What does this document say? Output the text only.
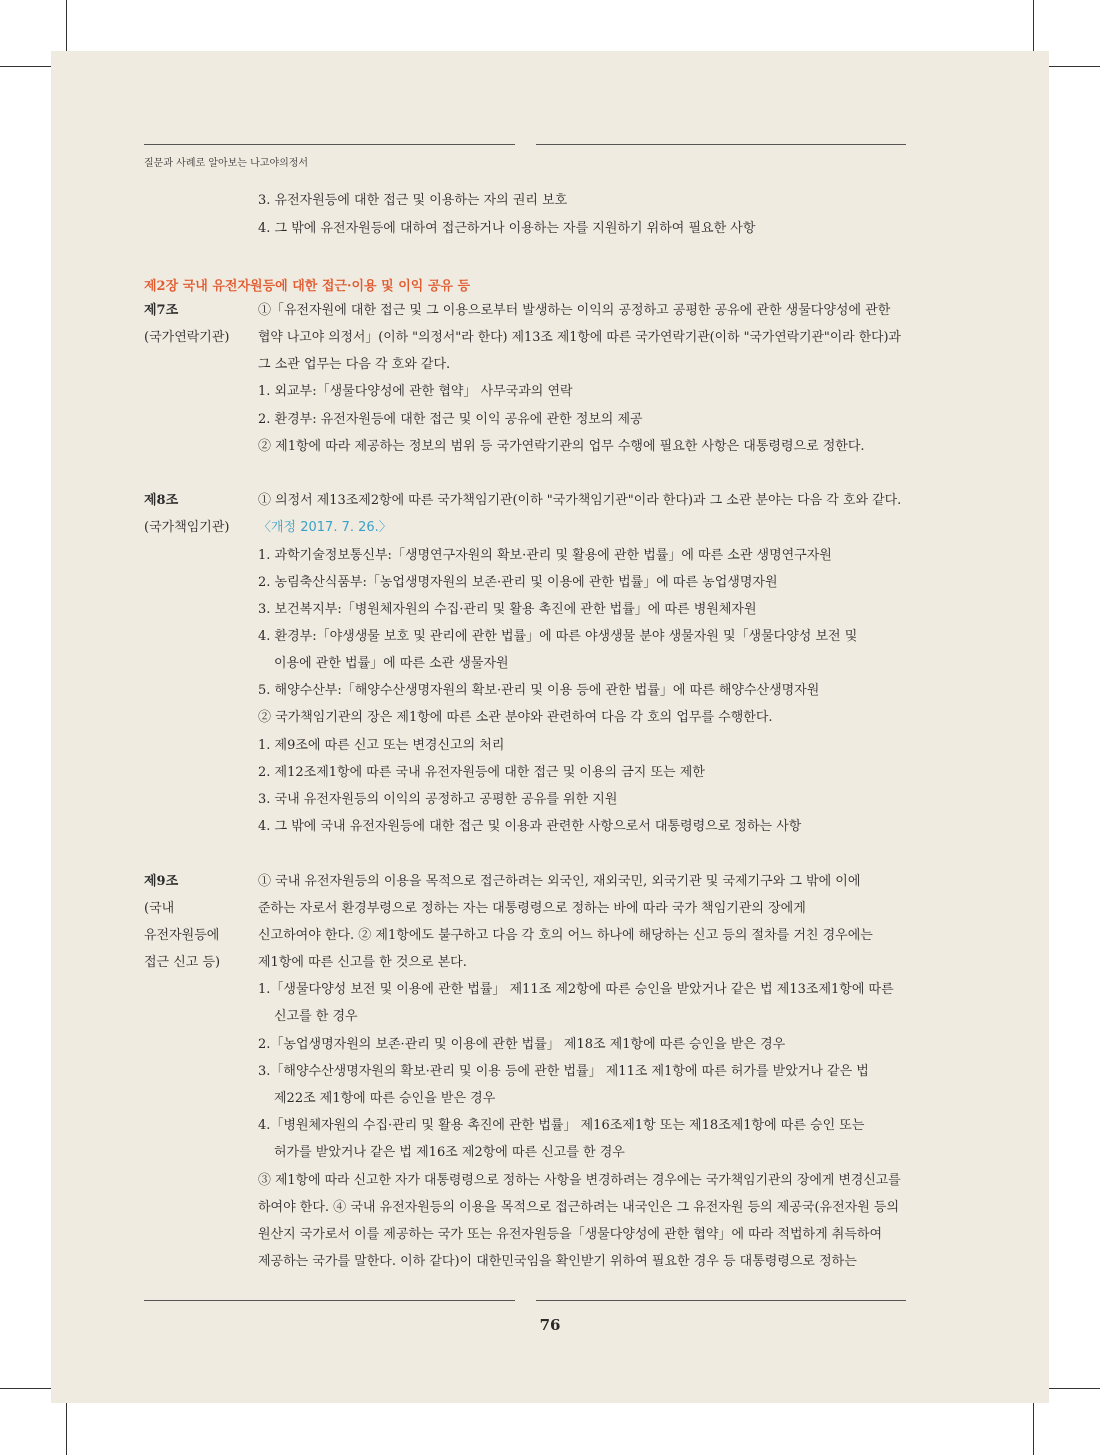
질문과 사례로 알아보는 나고야의정서
3. 유전자원등에 대한 접근 및 이용하는 자의 권리 보호
4. 그 밖에 유전자원등에 대하여 접근하거나 이용하는 자를 지원하기 위하여 필요한 사항
제2장 국내 유전자원등에 대한 접근·이용 및 이익 공유 등
제7조
(국가연락기관)
①「유전자원에 대한 접근 및 그 이용으로부터 발생하는 이익의 공정하고 공평한 공유에 관한 생물다양성에 관한
협약 나고야 의정서」(이하 "의정서"라 한다) 제13조 제1항에 따른 국가연락기관(이하 "국가연락기관"이라 한다)과
그 소관 업무는 다음 각 호와 같다.
1. 외교부:「생물다양성에 관한 협약」 사무국과의 연락
2. 환경부: 유전자원등에 대한 접근 및 이익 공유에 관한 정보의 제공
② 제1항에 따라 제공하는 정보의 범위 등 국가연락기관의 업무 수행에 필요한 사항은 대통령령으로 정한다.
제8조
(국가책임기관)
① 의정서 제13조제2항에 따른 국가책임기관(이하 "국가책임기관"이라 한다)과 그 소관 분야는 다음 각 호와 같다.
〈개정 2017. 7. 26.〉
1. 과학기술정보통신부:「생명연구자원의 확보·관리 및 활용에 관한 법률」에 따른 소관 생명연구자원
2. 농림축산식품부:「농업생명자원의 보존·관리 및 이용에 관한 법률」에 따른 농업생명자원
3. 보건복지부:「병원체자원의 수집·관리 및 활용 촉진에 관한 법률」에 따른 병원체자원
4. 환경부:「야생생물 보호 및 관리에 관한 법률」에 따른 야생생물 분야 생물자원 및「생물다양성 보전 및
이용에 관한 법률」에 따른 소관 생물자원
5. 해양수산부:「해양수산생명자원의 확보·관리 및 이용 등에 관한 법률」에 따른 해양수산생명자원
② 국가책임기관의 장은 제1항에 따른 소관 분야와 관련하여 다음 각 호의 업무를 수행한다.
1. 제9조에 따른 신고 또는 변경신고의 처리
2. 제12조제1항에 따른 국내 유전자원등에 대한 접근 및 이용의 금지 또는 제한
3. 국내 유전자원등의 이익의 공정하고 공평한 공유를 위한 지원
4. 그 밖에 국내 유전자원등에 대한 접근 및 이용과 관련한 사항으로서 대통령령으로 정하는 사항
제9조
(국내
유전자원등에
접근 신고 등)
① 국내 유전자원등의 이용을 목적으로 접근하려는 외국인, 재외국민, 외국기관 및 국제기구와 그 밖에 이에
준하는 자로서 환경부령으로 정하는 자는 대통령령으로 정하는 바에 따라 국가 책임기관의 장에게
신고하여야 한다. ② 제1항에도 불구하고 다음 각 호의 어느 하나에 해당하는 신고 등의 절차를 거친 경우에는
제1항에 따른 신고를 한 것으로 본다.
1.「생물다양성 보전 및 이용에 관한 법률」 제11조 제2항에 따른 승인을 받았거나 같은 법 제13조제1항에 따른
신고를 한 경우
2.「농업생명자원의 보존·관리 및 이용에 관한 법률」 제18조 제1항에 따른 승인을 받은 경우
3.「해양수산생명자원의 확보·관리 및 이용 등에 관한 법률」 제11조 제1항에 따른 허가를 받았거나 같은 법
제22조 제1항에 따른 승인을 받은 경우
4.「병원체자원의 수집·관리 및 활용 촉진에 관한 법률」 제16조제1항 또는 제18조제1항에 따른 승인 또는
허가를 받았거나 같은 법 제16조 제2항에 따른 신고를 한 경우
③ 제1항에 따라 신고한 자가 대통령령으로 정하는 사항을 변경하려는 경우에는 국가책임기관의 장에게 변경신고를
하여야 한다. ④ 국내 유전자원등의 이용을 목적으로 접근하려는 내국인은 그 유전자원 등의 제공국(유전자원 등의
원산지 국가로서 이를 제공하는 국가 또는 유전자원등을「생물다양성에 관한 협약」에 따라 적법하게 취득하여
제공하는 국가를 말한다. 이하 같다)이 대한민국임을 확인받기 위하여 필요한 경우 등 대통령령으로 정하는
76
